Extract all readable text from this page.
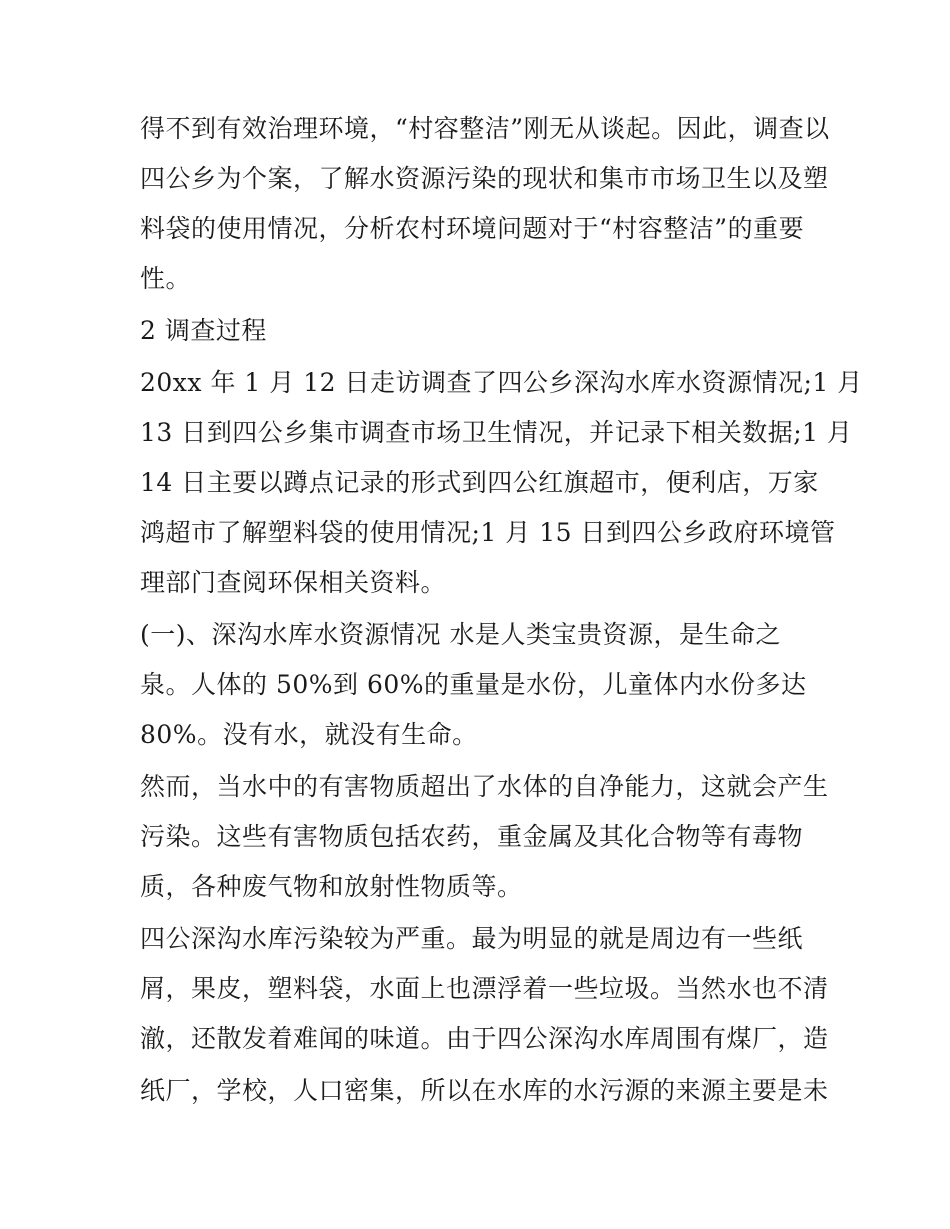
得不到有效治理环境，“村容整洁”刚无从谈起。因此，调查以
四公乡为个案，了解水资源污染的现状和集市市场卫生以及塑
料袋的使用情况，分析农村环境问题对于“村容整洁”的重要
性。
2 调查过程
20xx 年 1 月 12 日走访调查了四公乡深沟水库水资源情况;1 月
13 日到四公乡集市调查市场卫生情况，并记录下相关数据;1 月
14 日主要以蹲点记录的形式到四公红旗超市，便利店，万家
鸿超市了解塑料袋的使用情况;1 月 15 日到四公乡政府环境管
理部门查阅环保相关资料。
(一)、深沟水库水资源情况 水是人类宝贵资源，是生命之
泉。人体的 50%到 60%的重量是水份，儿童体内水份多达
80%。没有水，就没有生命。
然而，当水中的有害物质超出了水体的自净能力，这就会产生
污染。这些有害物质包括农药，重金属及其化合物等有毒物
质，各种废气物和放射性物质等。
四公深沟水库污染较为严重。最为明显的就是周边有一些纸
屑，果皮，塑料袋，水面上也漂浮着一些垃圾。当然水也不清
澈，还散发着难闻的味道。由于四公深沟水库周围有煤厂，造
纸厂，学校，人口密集，所以在水库的水污源的来源主要是未
